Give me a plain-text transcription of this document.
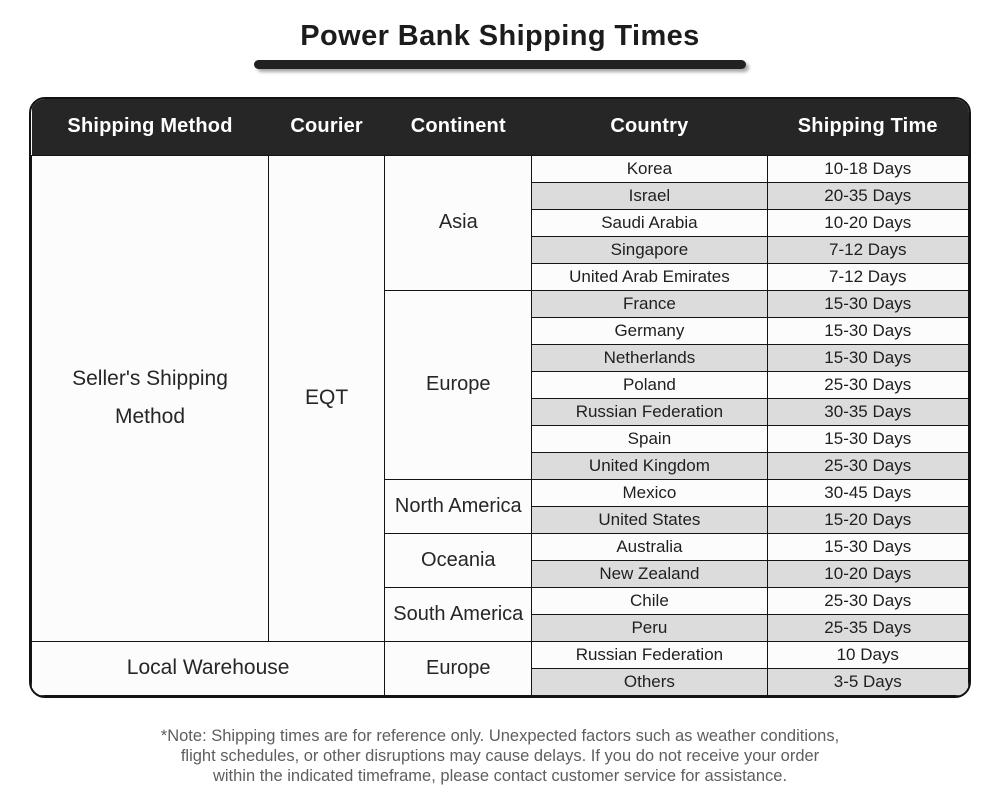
Power Bank Shipping Times
Shipping Method	Courier	Continent	Country	Shipping Time
Seller's Shipping Method	EQT	Asia	Korea	10-18 Days
			Israel	20-35 Days
			Saudi Arabia	10-20 Days
			Singapore	7-12 Days
			United Arab Emirates	7-12 Days
		Europe	France	15-30 Days
			Germany	15-30 Days
			Netherlands	15-30 Days
			Poland	25-30 Days
			Russian Federation	30-35 Days
			Spain	15-30 Days
			United Kingdom	25-30 Days
		North America	Mexico	30-45 Days
			United States	15-20 Days
		Oceania	Australia	15-30 Days
			New Zealand	10-20 Days
		South America	Chile	25-30 Days
			Peru	25-35 Days
Local Warehouse		Europe	Russian Federation	10 Days
			Others	3-5 Days
*Note: Shipping times are for reference only. Unexpected factors such as weather conditions,
flight schedules, or other disruptions may cause delays. If you do not receive your order
within the indicated timeframe, please contact customer service for assistance.
